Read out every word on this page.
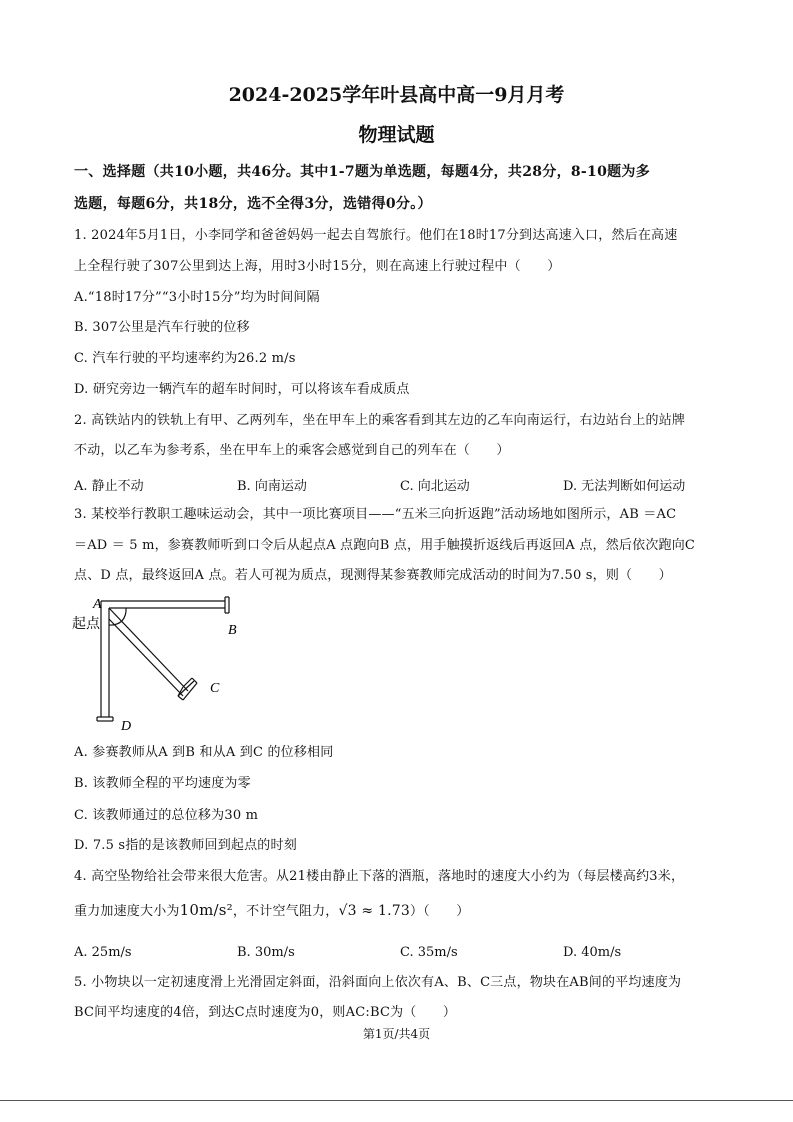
2024-2025学年叶县高中高一9月月考
物理试题
一、选择题（共10小题，共46分。其中1-7题为单选题，每题4分，共28分，8-10题为多
选题，每题6分，共18分，选不全得3分，选错得0分。）
1. 2024年5月1日，小李同学和爸爸妈妈一起去自驾旅行。他们在18时17分到达高速入口，然后在高速
上全程行驶了307公里到达上海，用时3小时15分，则在高速上行驶过程中（　　）
A.“18时17分”“3小时15分”均为时间间隔
B. 307公里是汽车行驶的位移
C. 汽车行驶的平均速率约为26.2 m/s
D. 研究旁边一辆汽车的超车时间时，可以将该车看成质点
2. 高铁站内的铁轨上有甲、乙两列车，坐在甲车上的乘客看到其左边的乙车向南运行，右边站台上的站牌
不动，以乙车为参考系，坐在甲车上的乘客会感觉到自己的列车在（　　）
A. 静止不动	B. 向南运动	C. 向北运动	D. 无法判断如何运动
3. 某校举行教职工趣味运动会，其中一项比赛项目——“五米三向折返跑”活动场地如图所示，AB ＝AC
＝AD ＝ 5 m，参赛教师听到口令后从起点A 点跑向B 点，用手触摸折返线后再返回A 点，然后依次跑向C
点、D 点，最终返回A 点。若人可视为质点，现测得某参赛教师完成活动的时间为7.50 s，则（　　）
A
起点	B
C
D
A. 参赛教师从A 到B 和从A 到C 的位移相同
B. 该教师全程的平均速度为零
C. 该教师通过的总位移为30 m
D. 7.5 s指的是该教师回到起点的时刻
4. 高空坠物给社会带来很大危害。从21楼由静止下落的酒瓶，落地时的速度大小约为（每层楼高约3米，
重力加速度大小为10m/s²，不计空气阻力，√3 ≈ 1.73）（　　）
A. 25m/s	B. 30m/s	C. 35m/s	D. 40m/s
5. 小物块以一定初速度滑上光滑固定斜面，沿斜面向上依次有A、B、C三点，物块在AB间的平均速度为
BC间平均速度的4倍，到达C点时速度为0，则AC:BC为（　　）
第1页/共4页
